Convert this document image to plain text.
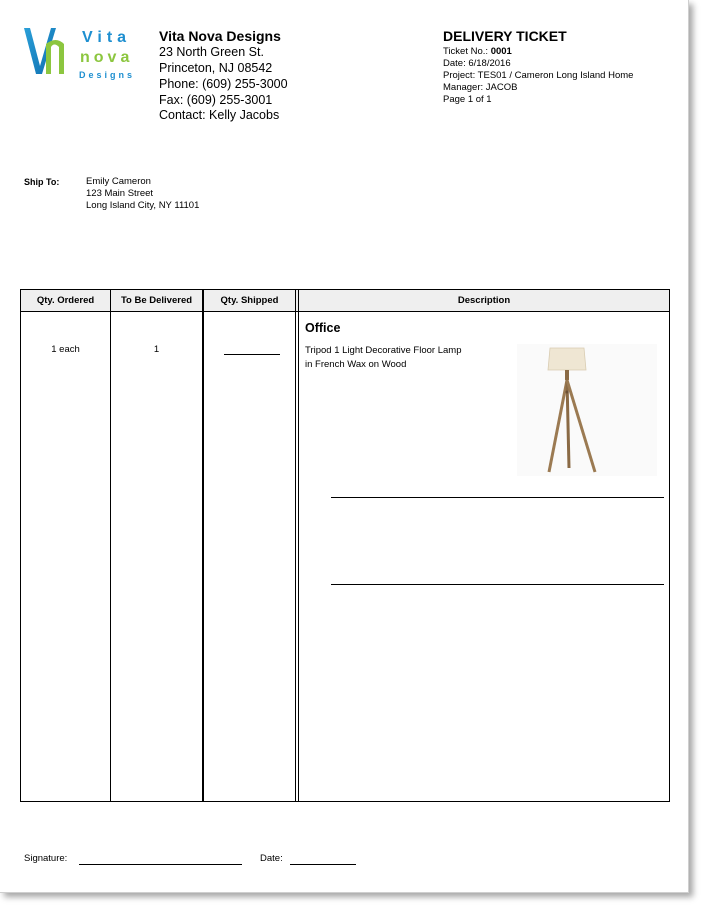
Vita
nova
Designs
Vita Nova Designs
23 North Green St.
Princeton, NJ 08542
Phone: (609) 255-3000
Fax: (609) 255-3001
Contact: Kelly Jacobs
DELIVERY TICKET
Ticket No.: 0001
Date: 6/18/2016
Project: TES01 / Cameron Long Island Home
Manager: JACOB
Page 1 of 1
Ship To:	Emily Cameron
123 Main Street
Long Island City, NY 11101
Qty. Ordered	To Be Delivered	Qty. Shipped	Description
1 each	1
Office
Tripod 1 Light Decorative Floor Lamp in French Wax on Wood
Signature:	Date:
